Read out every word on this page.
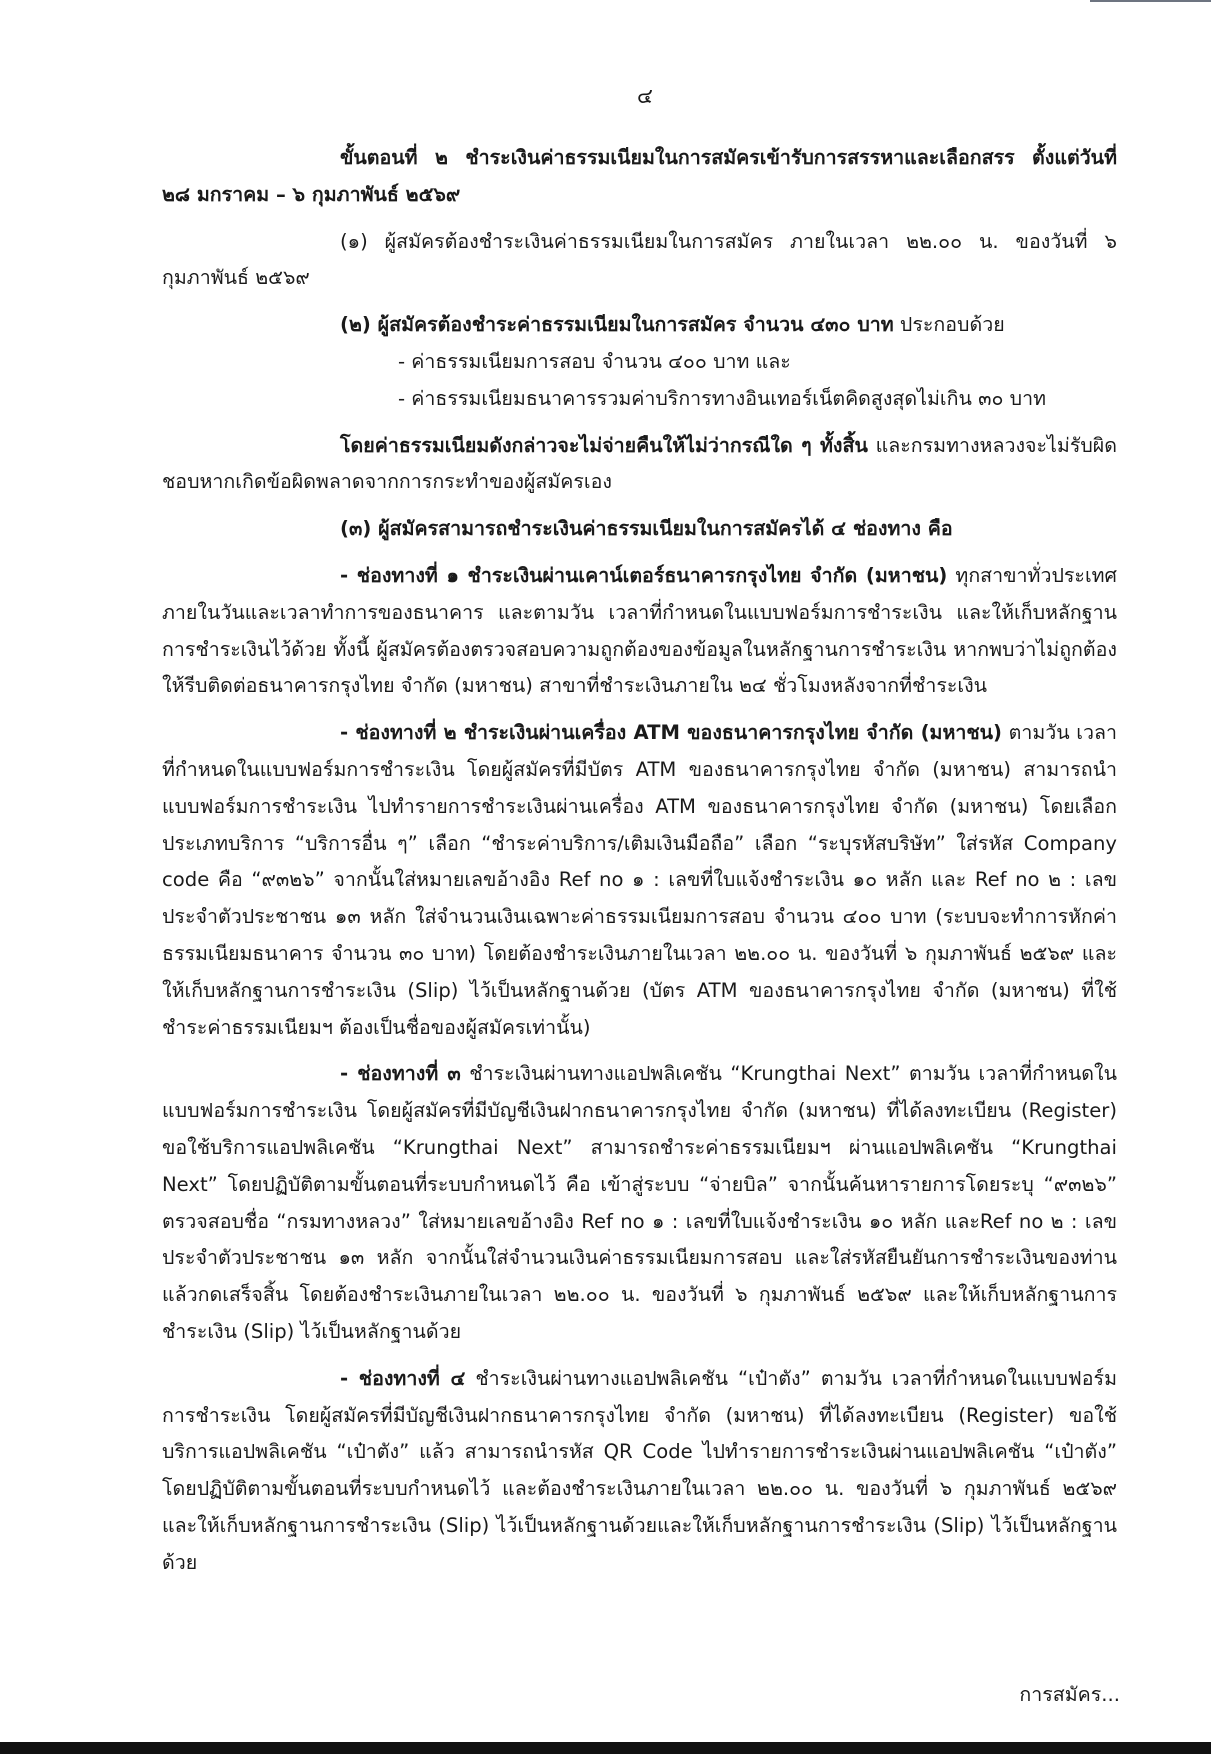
๔

ขั้นตอนที่ ๒ ชำระเงินค่าธรรมเนียมในการสมัครเข้ารับการสรรหาและเลือกสรร ตั้งแต่วันที่ ๒๘ มกราคม – ๖ กุมภาพันธ์ ๒๕๖๙

(๑) ผู้สมัครต้องชำระเงินค่าธรรมเนียมในการสมัคร ภายในเวลา ๒๒.๐๐ น. ของวันที่ ๖ กุมภาพันธ์ ๒๕๖๙

(๒) ผู้สมัครต้องชำระค่าธรรมเนียมในการสมัคร จำนวน ๔๓๐ บาท ประกอบด้วย

- ค่าธรรมเนียมการสอบ จำนวน ๔๐๐ บาท และ

- ค่าธรรมเนียมธนาคารรวมค่าบริการทางอินเทอร์เน็ตคิดสูงสุดไม่เกิน ๓๐ บาท

โดยค่าธรรมเนียมดังกล่าวจะไม่จ่ายคืนให้ไม่ว่ากรณีใด ๆ ทั้งสิ้น และกรมทางหลวงจะไม่รับผิดชอบหากเกิดข้อผิดพลาดจากการกระทำของผู้สมัครเอง

(๓) ผู้สมัครสามารถชำระเงินค่าธรรมเนียมในการสมัครได้ ๔ ช่องทาง คือ

- ช่องทางที่ ๑ ชำระเงินผ่านเคาน์เตอร์ธนาคารกรุงไทย จำกัด (มหาชน) ทุกสาขาทั่วประเทศ ภายในวันและเวลาทำการของธนาคาร และตามวัน เวลาที่กำหนดในแบบฟอร์มการชำระเงิน และให้เก็บหลักฐานการชำระเงินไว้ด้วย ทั้งนี้ ผู้สมัครต้องตรวจสอบความถูกต้องของข้อมูลในหลักฐานการชำระเงิน หากพบว่าไม่ถูกต้อง ให้รีบติดต่อธนาคารกรุงไทย จำกัด (มหาชน) สาขาที่ชำระเงินภายใน ๒๔ ชั่วโมงหลังจากที่ชำระเงิน

- ช่องทางที่ ๒ ชำระเงินผ่านเครื่อง ATM ของธนาคารกรุงไทย จำกัด (มหาชน) ตามวัน เวลาที่กำหนดในแบบฟอร์มการชำระเงิน โดยผู้สมัครที่มีบัตร ATM ของธนาคารกรุงไทย จำกัด (มหาชน) สามารถนำแบบฟอร์มการชำระเงิน ไปทำรายการชำระเงินผ่านเครื่อง ATM ของธนาคารกรุงไทย จำกัด (มหาชน) โดยเลือกประเภทบริการ “บริการอื่น ๆ” เลือก “ชำระค่าบริการ/เติมเงินมือถือ” เลือก “ระบุรหัสบริษัท” ใส่รหัส Company code คือ “๙๓๒๖” จากนั้นใส่หมายเลขอ้างอิง Ref no ๑ : เลขที่ใบแจ้งชำระเงิน ๑๐ หลัก และ Ref no ๒ : เลขประจำตัวประชาชน ๑๓ หลัก ใส่จำนวนเงินเฉพาะค่าธรรมเนียมการสอบ จำนวน ๔๐๐ บาท (ระบบจะทำการหักค่าธรรมเนียมธนาคาร จำนวน ๓๐ บาท) โดยต้องชำระเงินภายในเวลา ๒๒.๐๐ น. ของวันที่ ๖ กุมภาพันธ์ ๒๕๖๙ และให้เก็บหลักฐานการชำระเงิน (Slip) ไว้เป็นหลักฐานด้วย (บัตร ATM ของธนาคารกรุงไทย จำกัด (มหาชน) ที่ใช้ชำระค่าธรรมเนียมฯ ต้องเป็นชื่อของผู้สมัครเท่านั้น)

- ช่องทางที่ ๓ ชำระเงินผ่านทางแอปพลิเคชัน “Krungthai Next” ตามวัน เวลาที่กำหนดในแบบฟอร์มการชำระเงิน โดยผู้สมัครที่มีบัญชีเงินฝากธนาคารกรุงไทย จำกัด (มหาชน) ที่ได้ลงทะเบียน (Register) ขอใช้บริการแอปพลิเคชัน “Krungthai Next” สามารถชำระค่าธรรมเนียมฯ ผ่านแอปพลิเคชัน “Krungthai Next” โดยปฏิบัติตามขั้นตอนที่ระบบกำหนดไว้ คือ เข้าสู่ระบบ “จ่ายบิล” จากนั้นค้นหารายการโดยระบุ “๙๓๒๖” ตรวจสอบชื่อ “กรมทางหลวง” ใส่หมายเลขอ้างอิง Ref no ๑ : เลขที่ใบแจ้งชำระเงิน ๑๐ หลัก และRef no ๒ : เลขประจำตัวประชาชน ๑๓ หลัก จากนั้นใส่จำนวนเงินค่าธรรมเนียมการสอบ และใส่รหัสยืนยันการชำระเงินของท่านแล้วกดเสร็จสิ้น โดยต้องชำระเงินภายในเวลา ๒๒.๐๐ น. ของวันที่ ๖ กุมภาพันธ์ ๒๕๖๙ และให้เก็บหลักฐานการชำระเงิน (Slip) ไว้เป็นหลักฐานด้วย

- ช่องทางที่ ๔ ชำระเงินผ่านทางแอปพลิเคชัน “เป๋าตัง” ตามวัน เวลาที่กำหนดในแบบฟอร์มการชำระเงิน โดยผู้สมัครที่มีบัญชีเงินฝากธนาคารกรุงไทย จำกัด (มหาชน) ที่ได้ลงทะเบียน (Register) ขอใช้บริการแอปพลิเคชัน “เป๋าตัง” แล้ว สามารถนำรหัส QR Code ไปทำรายการชำระเงินผ่านแอปพลิเคชัน “เป๋าตัง” โดยปฏิบัติตามขั้นตอนที่ระบบกำหนดไว้ และต้องชำระเงินภายในเวลา ๒๒.๐๐ น. ของวันที่ ๖ กุมภาพันธ์ ๒๕๖๙ และให้เก็บหลักฐานการชำระเงิน (Slip) ไว้เป็นหลักฐานด้วยและให้เก็บหลักฐานการชำระเงิน (Slip) ไว้เป็นหลักฐานด้วย

การสมัคร...
